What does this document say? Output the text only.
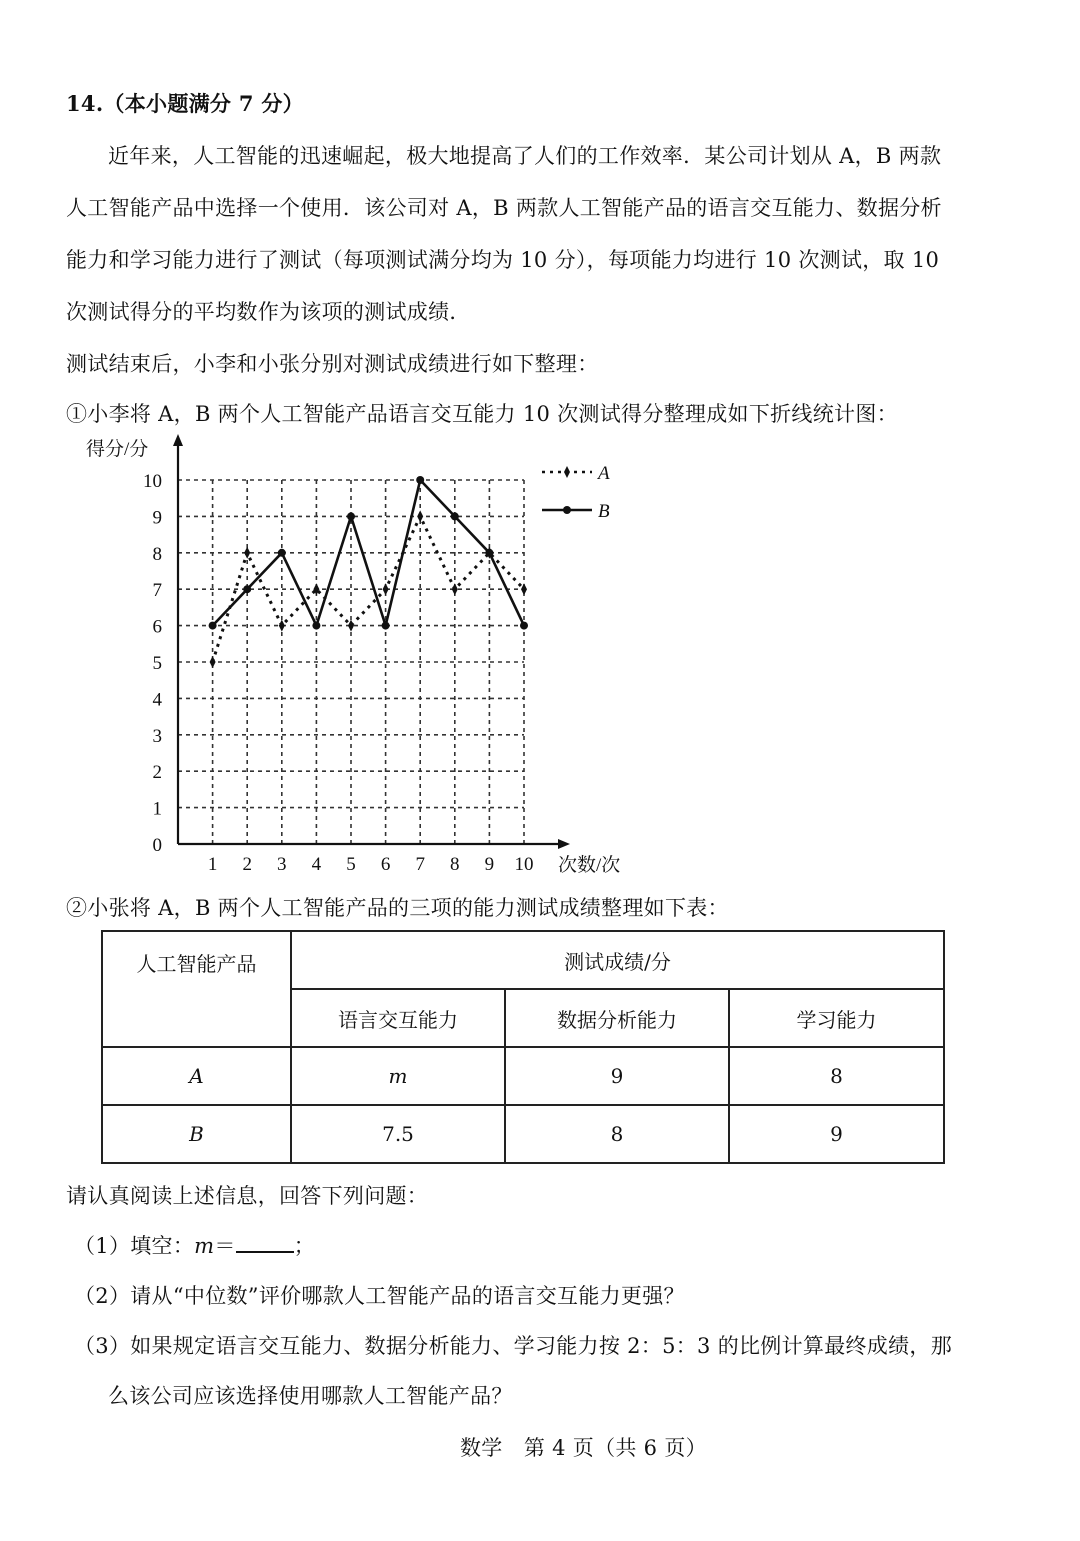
14.（本小题满分 7 分）
近年来，人工智能的迅速崛起，极大地提高了人们的工作效率．某公司计划从 A，B 两款
人工智能产品中选择一个使用．该公司对 A，B 两款人工智能产品的语言交互能力、数据分析
能力和学习能力进行了测试（每项测试满分均为 10 分），每项能力均进行 10 次测试，取 10
次测试得分的平均数作为该项的测试成绩．
测试结束后，小李和小张分别对测试成绩进行如下整理：
①小李将 A，B 两个人工智能产品语言交互能力 10 次测试得分整理成如下折线统计图：
0
1
2
3
4
5
6
7
8
9
10
1 2 3 4 5 6 7 8 9 10
A
B
得分/分
次数/次
②小张将 A，B 两个人工智能产品的三项的能力测试成绩整理如下表：
人工智能产品	测试成绩/分		
	语言交互能力	数据分析能力	学习能力
A	m	9	8
B	7.5	8	9
请认真阅读上述信息，回答下列问题：
（1）填空：m＝	；
（2）请从“中位数”评价哪款人工智能产品的语言交互能力更强？
（3）如果规定语言交互能力、数据分析能力、学习能力按 2：5：3 的比例计算最终成绩，那
么该公司应该选择使用哪款人工智能产品？
数学　第 4 页（共 6 页）
